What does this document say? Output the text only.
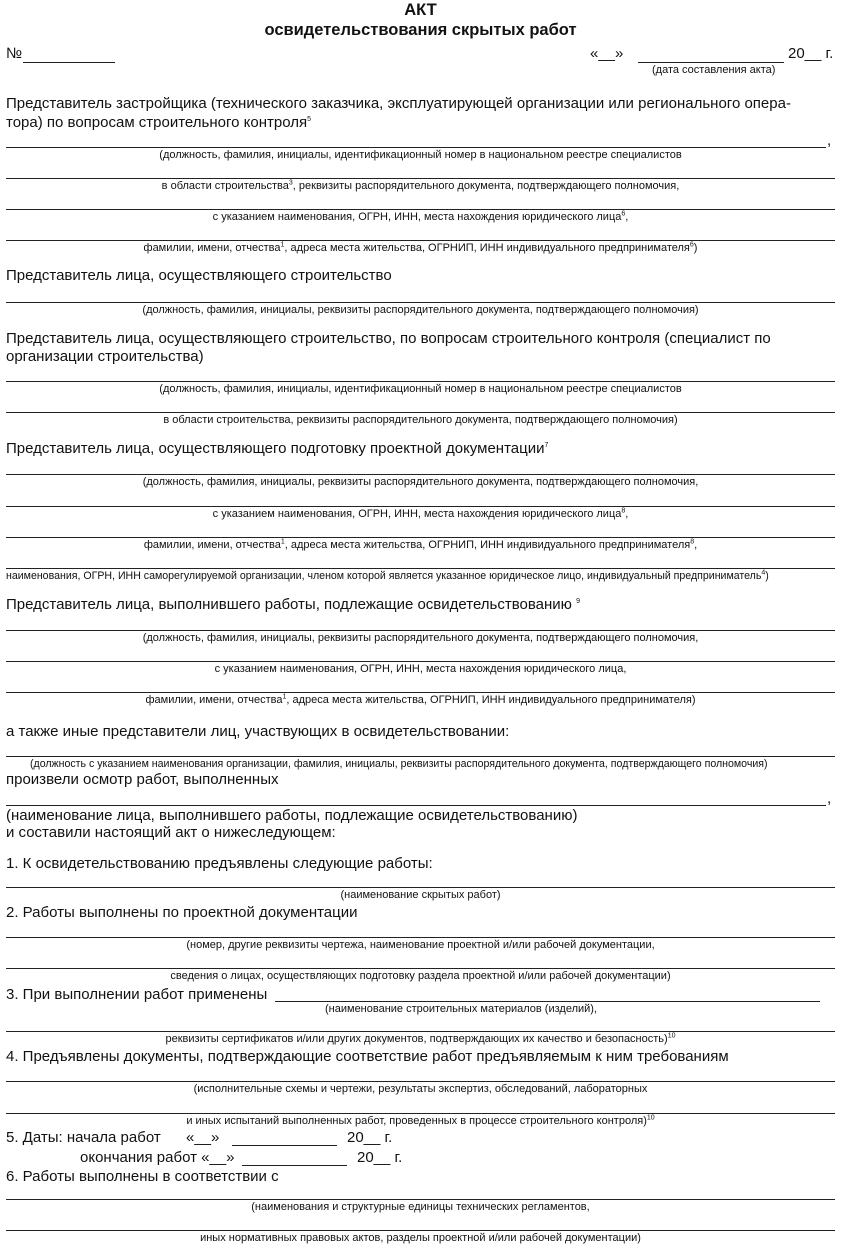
АКТ
освидетельствования скрытых работ
№	«__»	20__ г.
(дата составления акта)
Представитель застройщика (технического заказчика, эксплуатирующей организации или регионального опера-
тора) по вопросам строительного контроля$^5$
,
(должность, фамилия, инициалы, идентификационный номер в национальном реестре специалистов
в области строительства$^3$, реквизиты распорядительного документа, подтверждающего полномочия,
с указанием наименования, ОГРН, ИНН, места нахождения юридического лица$^6$,
фамилии, имени, отчества$^1$, адреса места жительства, ОГРНИП, ИНН индивидуального предпринимателя$^6$)
Представитель лица, осуществляющего строительство
(должность, фамилия, инициалы, реквизиты распорядительного документа, подтверждающего полномочия)
Представитель лица, осуществляющего строительство, по вопросам строительного контроля (специалист по
организации строительства)
(должность, фамилия, инициалы, идентификационный номер в национальном реестре специалистов
в области строительства, реквизиты распорядительного документа, подтверждающего полномочия)
Представитель лица, осуществляющего подготовку проектной документации$^7$
(должность, фамилия, инициалы, реквизиты распорядительного документа, подтверждающего полномочия,
с указанием наименования, ОГРН, ИНН, места нахождения юридического лица$^8$,
фамилии, имени, отчества$^1$, адреса места жительства, ОГРНИП, ИНН индивидуального предпринимателя$^8$,
наименования, ОГРН, ИНН саморегулируемой организации, членом которой является указанное юридическое лицо, индивидуальный предприниматель$^4$)
Представитель лица, выполнившего работы, подлежащие освидетельствованию $^9$
(должность, фамилия, инициалы, реквизиты распорядительного документа, подтверждающего полномочия,
с указанием наименования, ОГРН, ИНН, места нахождения юридического лица,
фамилии, имени, отчества$^1$, адреса места жительства, ОГРНИП, ИНН индивидуального предпринимателя)
а также иные представители лиц, участвующих в освидетельствовании:
(должность с указанием наименования организации, фамилия, инициалы, реквизиты распорядительного документа, подтверждающего полномочия)
произвели осмотр работ, выполненных
,
(наименование лица, выполнившего работы, подлежащие освидетельствованию)
и составили настоящий акт о нижеследующем:
1. К освидетельствованию предъявлены следующие работы:
(наименование скрытых работ)
2. Работы выполнены по проектной документации
(номер, другие реквизиты чертежа, наименование проектной и/или рабочей документации,
сведения о лицах, осуществляющих подготовку раздела проектной и/или рабочей документации)
3. При выполнении работ применены
(наименование строительных материалов (изделий),
реквизиты сертификатов и/или других документов, подтверждающих их качество и безопасность)$^{10}$
4. Предъявлены документы, подтверждающие соответствие работ предъявляемым к ним требованиям
(исполнительные схемы и чертежи, результаты экспертиз, обследований, лабораторных
и иных испытаний выполненных работ, проведенных в процессе строительного контроля)$^{10}$
5. Даты: начала работ «__»	20__ г.
окончания работ «__»	20__ г.
6. Работы выполнены в соответствии с
(наименования и структурные единицы технических регламентов,
иных нормативных правовых актов, разделы проектной и/или рабочей документации)
